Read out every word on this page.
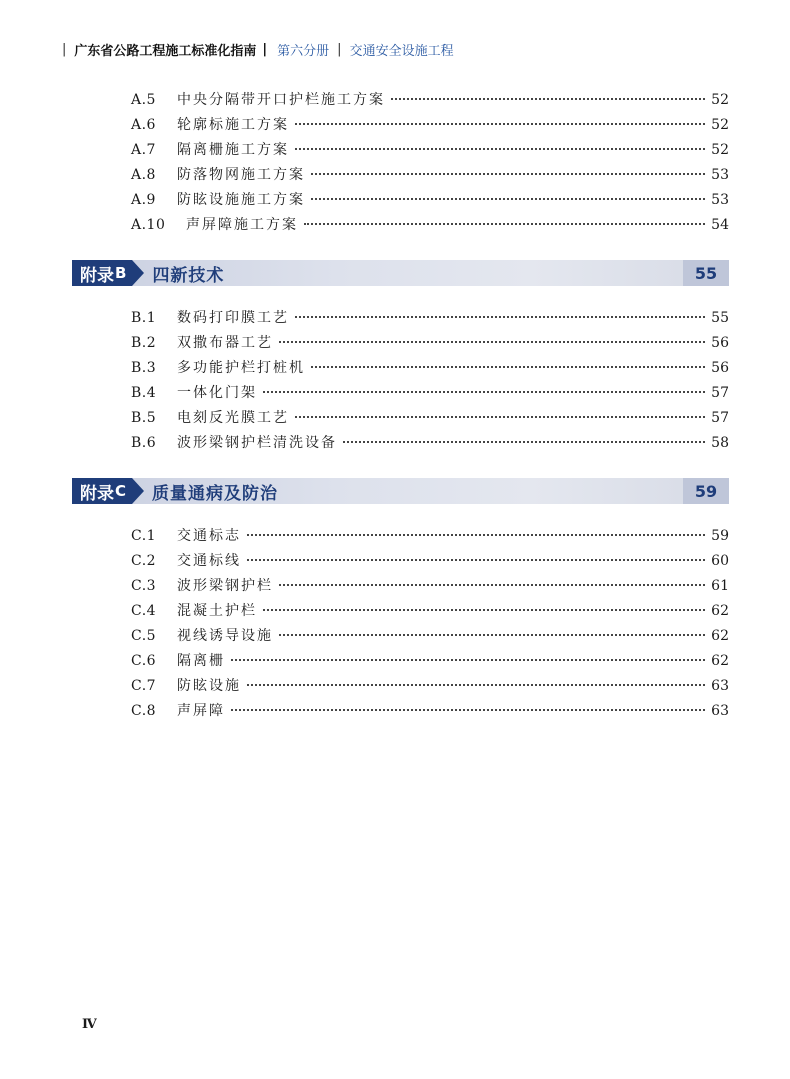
| 广东省公路工程施工标准化指南 | 第六分册 | 交通安全设施工程
A.5	中央分隔带开口护栏施工方案	52
A.6	轮廓标施工方案	52
A.7	隔离栅施工方案	52
A.8	防落物网施工方案	53
A.9	防眩设施施工方案	53
A.10	声屏障施工方案	54
附录 B 四新技术	55
B.1	数码打印膜工艺	55
B.2	双撒布器工艺	56
B.3	多功能护栏打桩机	56
B.4	一体化门架	57
B.5	电刻反光膜工艺	57
B.6	波形梁钢护栏清洗设备	58
附录 C 质量通病及防治	59
C.1	交通标志	59
C.2	交通标线	60
C.3	波形梁钢护栏	61
C.4	混凝土护栏	62
C.5	视线诱导设施	62
C.6	隔离栅	62
C.7	防眩设施	63
C.8	声屏障	63
Ⅳ
